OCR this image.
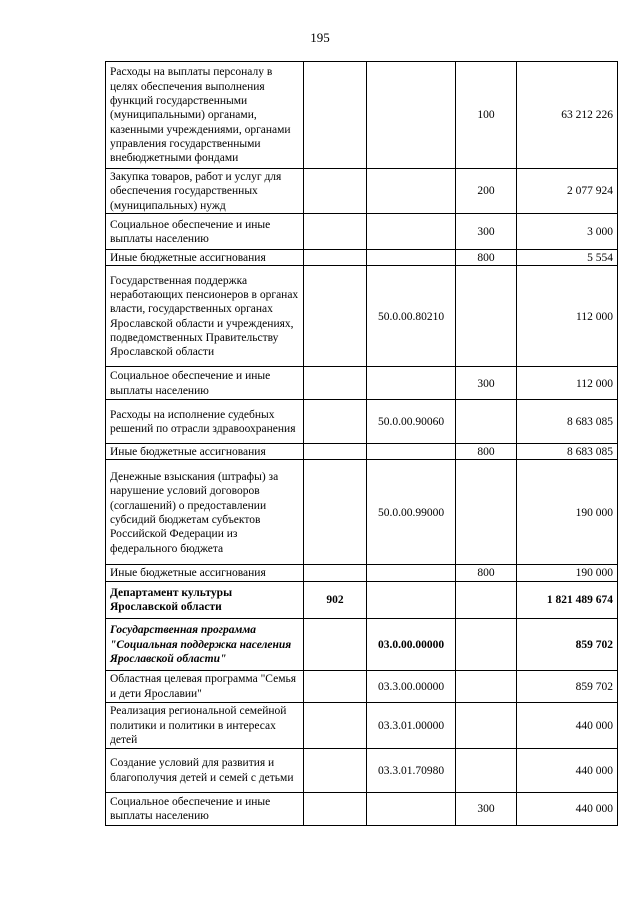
195
Расходы на выплаты персоналу в целях обеспечения выполнения функций государственными (муниципальными) органами, казенными учреждениями, органами управления государственными внебюджетными фондами			100	63 212 226
Закупка товаров, работ и услуг для обеспечения государственных (муниципальных) нужд			200	2 077 924
Социальное обеспечение и иные выплаты населению			300	3 000
Иные бюджетные ассигнования			800	5 554
Государственная поддержка неработающих пенсионеров в органах власти, государственных органах Ярославской области и учреждениях, подведомственных Правительству Ярославской области		50.0.00.80210		112 000
Социальное обеспечение и иные выплаты населению			300	112 000
Расходы на исполнение судебных решений по отрасли здравоохранения		50.0.00.90060		8 683 085
Иные бюджетные ассигнования			800	8 683 085
Денежные взыскания (штрафы) за нарушение условий договоров (соглашений) о предоставлении субсидий бюджетам субъектов Российской Федерации из федерального бюджета		50.0.00.99000		190 000
Иные бюджетные ассигнования			800	190 000
Департамент культуры Ярославской области	902			1 821 489 674
Государственная программа "Социальная поддержка населения Ярославской области"		03.0.00.00000		859 702
Областная целевая программа "Семья и дети Ярославии"		03.3.00.00000		859 702
Реализация региональной семейной политики и политики в интересах детей		03.3.01.00000		440 000
Создание условий для развития и благополучия детей и семей с детьми		03.3.01.70980		440 000
Социальное обеспечение и иные выплаты населению			300	440 000
